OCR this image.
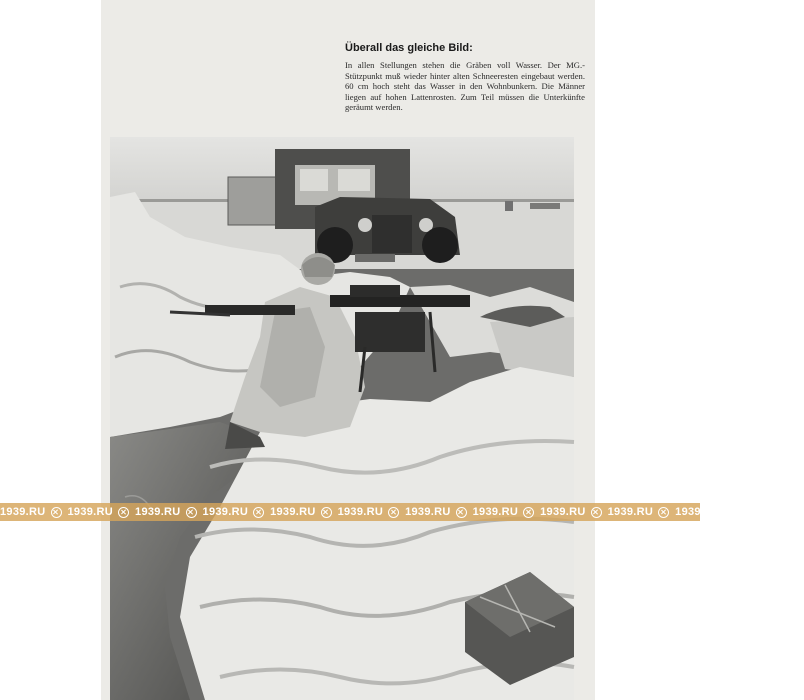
Überall das gleiche Bild:

In allen Stellungen stehen die Gräben voll Wasser. Der MG.-Stützpunkt muß wieder hinter alten Schneeresten eingebaut werden. 60 cm hoch steht das Wasser in den Wohnbunkern. Die Männer liegen auf hohen Lattenrosten. Zum Teil müssen die Unterkünfte geräumt werden.

1939.RU 1939.RU 1939.RU 1939.RU 1939.RU 1939.RU 1939.RU 1939.RU 1939.RU 1939.RU 1939.RU 1939.RU
